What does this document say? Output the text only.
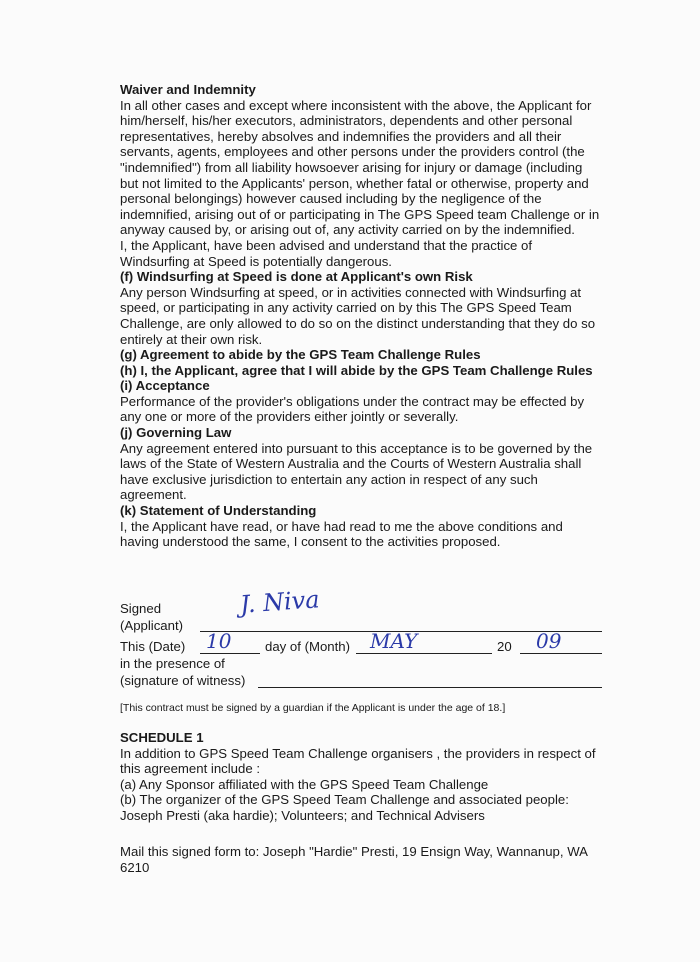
Waiver and Indemnity

In all other cases and except where inconsistent with the above, the Applicant for him/herself, his/her executors, administrators, dependents and other personal representatives, hereby absolves and indemnifies the providers and all their servants, agents, employees and other persons under the providers control (the "indemnified") from all liability howsoever arising for injury or damage (including but not limited to the Applicants' person, whether fatal or otherwise, property and personal belongings) however caused including by the negligence of the indemnified, arising out of or participating in The GPS Speed team Challenge or in anyway caused by, or arising out of, any activity carried on by the indemnified.

I, the Applicant, have been advised and understand that the practice of Windsurfing at Speed is potentially dangerous.

(f) Windsurfing at Speed is done at Applicant's own Risk

Any person Windsurfing at speed, or in activities connected with Windsurfing at speed, or participating in any activity carried on by this The GPS Speed Team Challenge, are only allowed to do so on the distinct understanding that they do so entirely at their own risk.

(g) Agreement to abide by the GPS Team Challenge Rules

(h) I, the Applicant, agree that I will abide by the GPS Team Challenge Rules

(i) Acceptance

Performance of the provider's obligations under the contract may be effected by any one or more of the providers either jointly or severally.

(j) Governing Law

Any agreement entered into pursuant to this acceptance is to be governed by the laws of the State of Western Australia and the Courts of Western Australia shall have exclusive jurisdiction to entertain any action in respect of any such agreement.

(k) Statement of Understanding

I, the Applicant have read, or have had read to me the above conditions and having understood the same, I consent to the activities proposed.

Signed
(Applicant)
J. Niva
This (Date) 10	day of (Month) MAY	20 09
in the presence of
(signature of witness)
[This contract must be signed by a guardian if the Applicant is under the age of 18.]

SCHEDULE 1

In addition to GPS Speed Team Challenge organisers , the providers in respect of this agreement include :

(a) Any Sponsor affiliated with the GPS Speed Team Challenge

(b) The organizer of the GPS Speed Team Challenge and associated people: Joseph Presti (aka hardie); Volunteers; and Technical Advisers

Mail this signed form to: Joseph "Hardie" Presti, 19 Ensign Way, Wannanup, WA 6210
